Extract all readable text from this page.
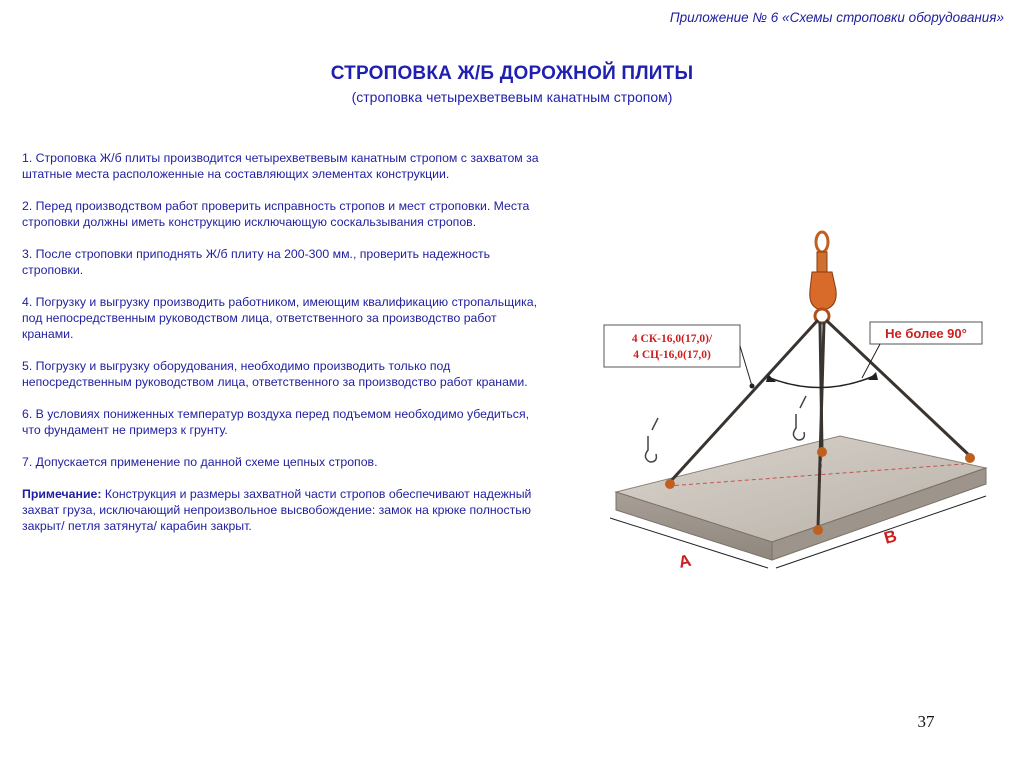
Приложение № 6 «Схемы строповки оборудования»
СТРОПОВКА Ж/Б ДОРОЖНОЙ ПЛИТЫ
(строповка четырехветвевым канатным стропом)

1. Строповка Ж/б плиты производится четырехветвевым канатным стропом с захватом за штатные места расположенные на составляющих элементах конструкции.

2. Перед производством работ проверить исправность стропов и мест строповки. Места строповки должны иметь конструкцию исключающую соскальзывания стропов.

3. После строповки приподнять Ж/б плиту на 200-300 мм., проверить надежность строповки.

4. Погрузку и выгрузку производить работником, имеющим квалификацию стропальщика, под непосредственным руководством лица, ответственного за производство работ кранами.

5. Погрузку и выгрузку оборудования, необходимо производить только под непосредственным руководством лица, ответственного за производство работ кранами.

6. В условиях пониженных температур воздуха перед подъемом необходимо убедиться, что фундамент не примерз к грунту.

7. Допускается применение по данной схеме цепных стропов.

Примечание: Конструкция и размеры захватной части стропов обеспечивают надежный захват груза, исключающий непроизвольное высвобождение: замок на крюке полностью закрыт/ петля затянута/ карабин закрыт.

A
B
4 СК-16,0(17,0)/
4 СЦ-16,0(17,0)
Не более 90°
37
